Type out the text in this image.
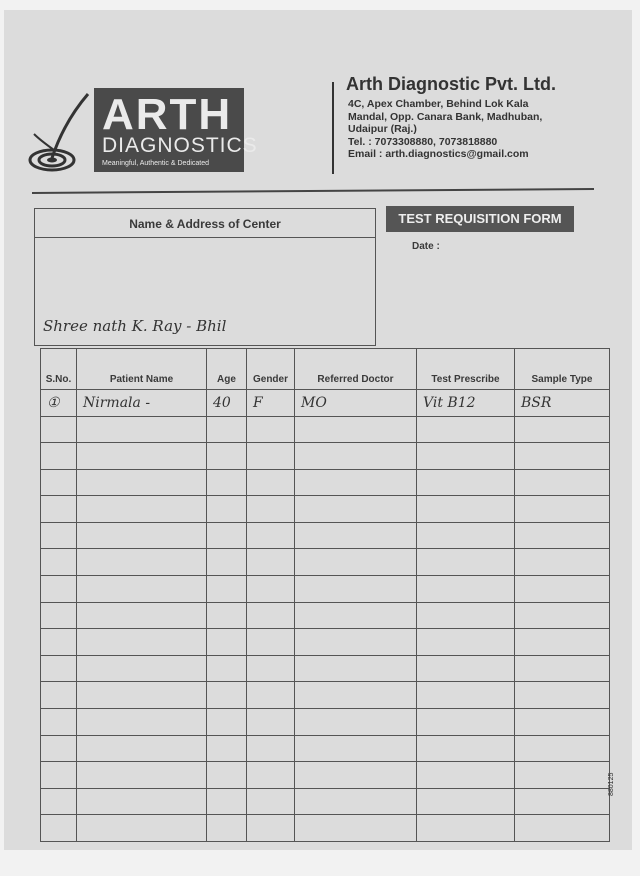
ARTH
DIAGNOSTICS
Meaningful, Authentic & Dedicated
Arth Diagnostic Pvt. Ltd.
4C, Apex Chamber, Behind Lok Kala
Mandal, Opp. Canara Bank, Madhuban,
Udaipur (Raj.)
Tel. : 7073308880, 7073818880
Email : arth.diagnostics@gmail.com
Name & Address of Center
Shree nath K. Ray - Bhil
TEST REQUISITION FORM
Date :
S.No.	Patient Name	Age	Gender	Referred Doctor	Test Prescribe	Sample Type
①	Nirmala -	40	F	MO	Vit B12	BSR

880125
